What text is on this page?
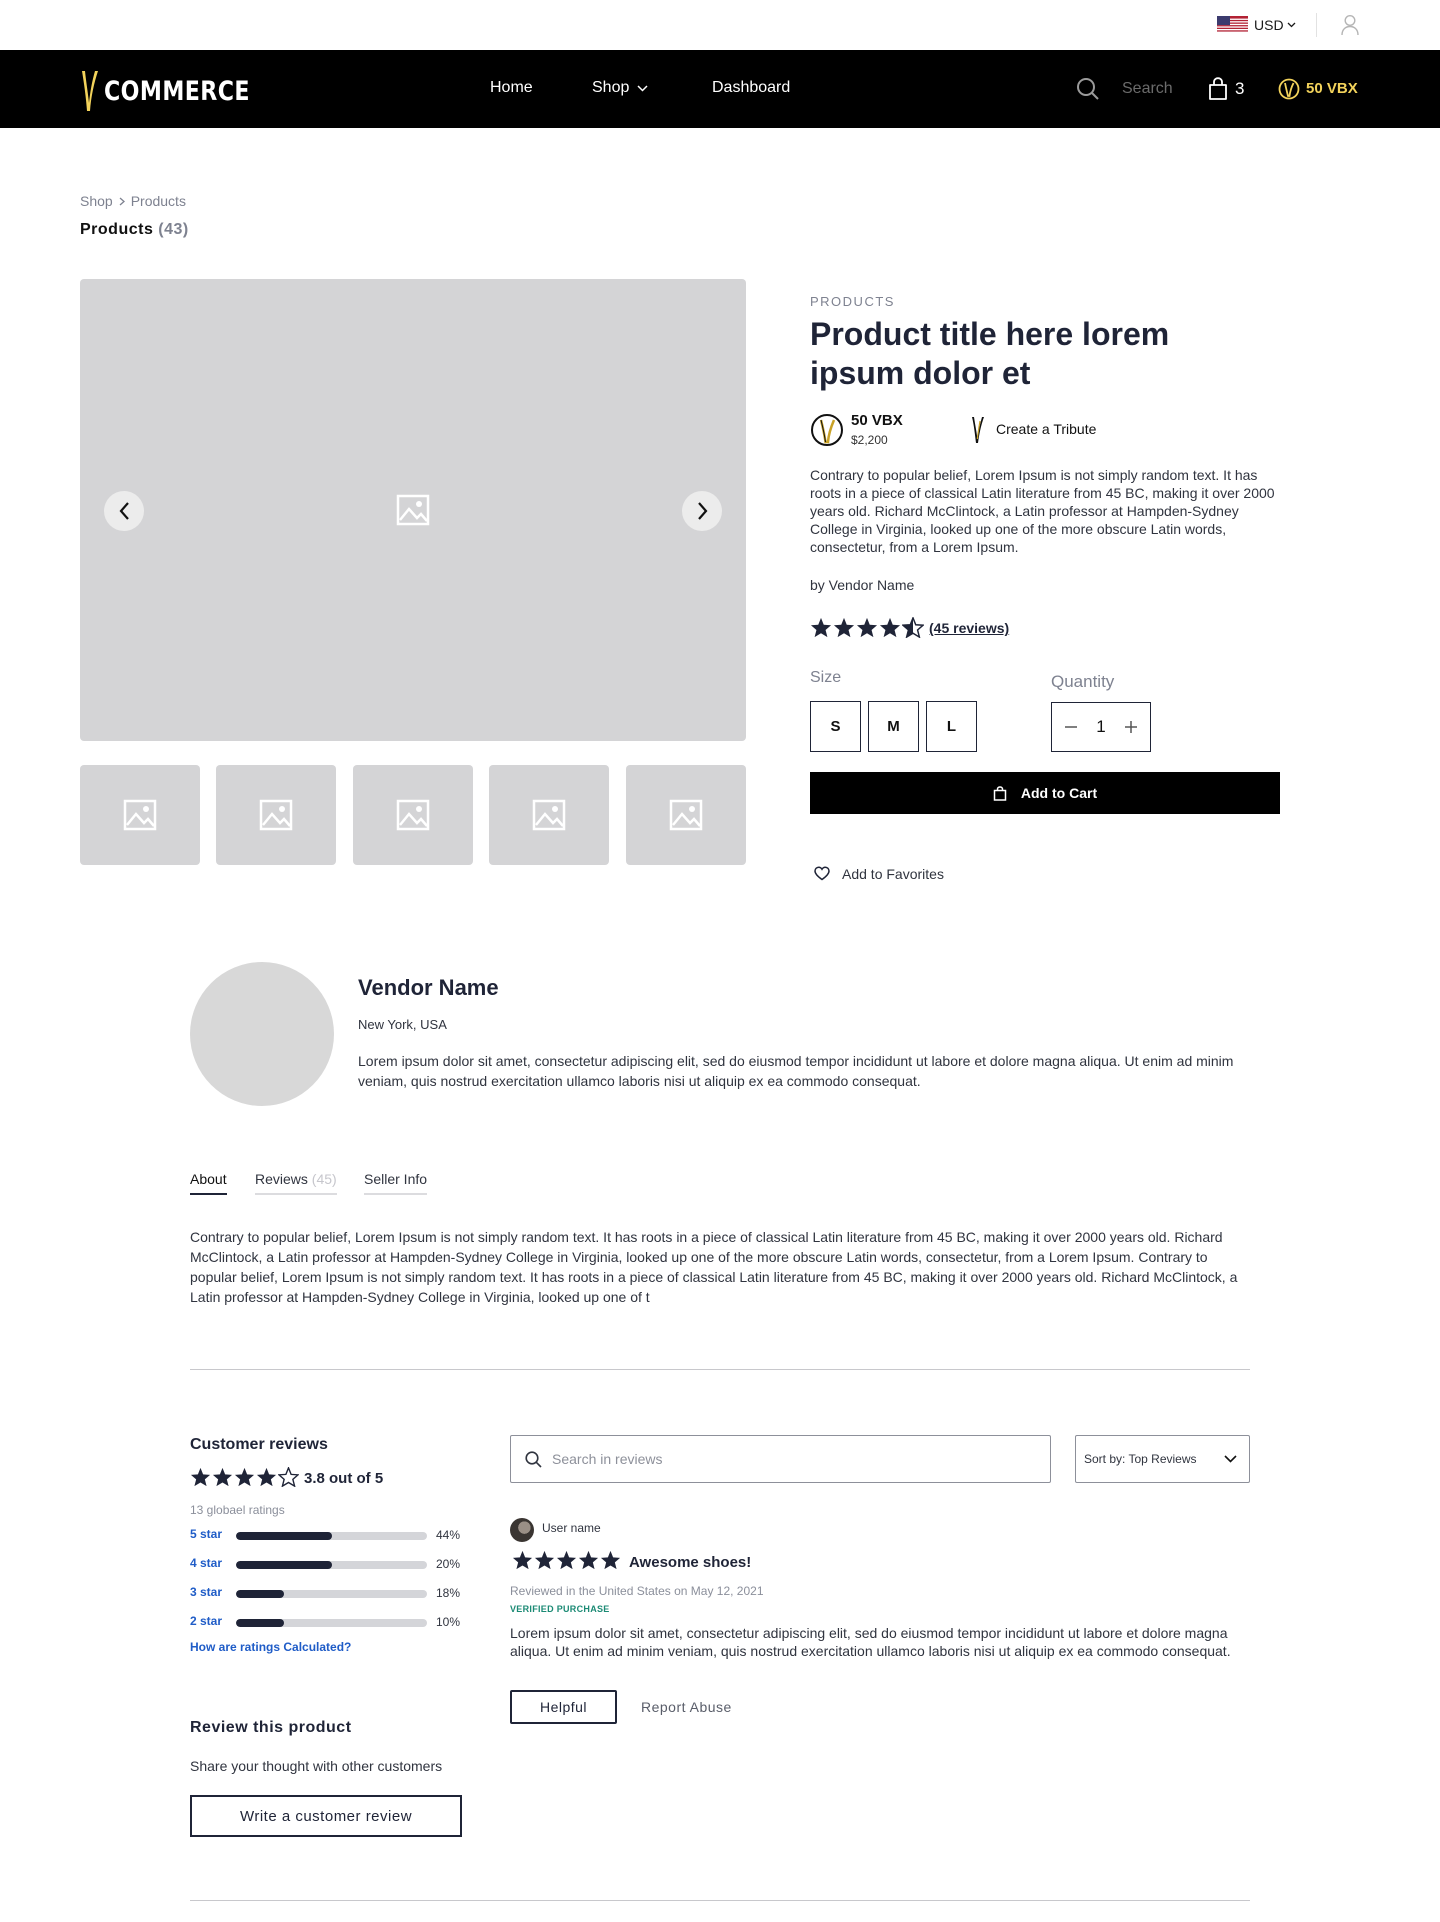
USD
COMMERCE	Home	Shop	Dashboard	Search	3	50 VBX
Shop Products
Products (43)
PRODUCTS
Product title here lorem ipsum dolor et
50 VBX
$2,200
Create a Tribute

Contrary to popular belief, Lorem Ipsum is not simply random text. It has roots in a piece of classical Latin literature from 45 BC, making it over 2000 years old. Richard McClintock, a Latin professor at Hampden-Sydney College in Virginia, looked up one of the more obscure Latin words, consectetur, from a Lorem Ipsum.

by Vendor Name
(45 reviews)
Size
S	M	L
Quantity
1
Add to Cart
Add to Favorites
Vendor Name
New York, USA

Lorem ipsum dolor sit amet, consectetur adipiscing elit, sed do eiusmod tempor incididunt ut labore et dolore magna aliqua. Ut enim ad minim veniam, quis nostrud exercitation ullamco laboris nisi ut aliquip ex ea commodo consequat.

About Reviews (45) Seller Info

Contrary to popular belief, Lorem Ipsum is not simply random text. It has roots in a piece of classical Latin literature from 45 BC, making it over 2000 years old. Richard McClintock, a Latin professor at Hampden-Sydney College in Virginia, looked up one of the more obscure Latin words, consectetur, from a Lorem Ipsum. Contrary to popular belief, Lorem Ipsum is not simply random text. It has roots in a piece of classical Latin literature from 45 BC, making it over 2000 years old. Richard McClintock, a Latin professor at Hampden-Sydney College in Virginia, looked up one of t

Customer reviews
3.8 out of 5
13 globael ratings
5 star	44%
4 star	20%
3 star	18%
2 star	10%
How are ratings Calculated?
Review this product
Share your thought with other customers
Write a customer review
Search in reviews
Sort by: Top Reviews
User name
Awesome shoes!
Reviewed in the United States on May 12, 2021
VERIFIED PURCHASE

Lorem ipsum dolor sit amet, consectetur adipiscing elit, sed do eiusmod tempor incididunt ut labore et dolore magna aliqua. Ut enim ad minim veniam, quis nostrud exercitation ullamco laboris nisi ut aliquip ex ea commodo consequat.

Helpful	Report Abuse
